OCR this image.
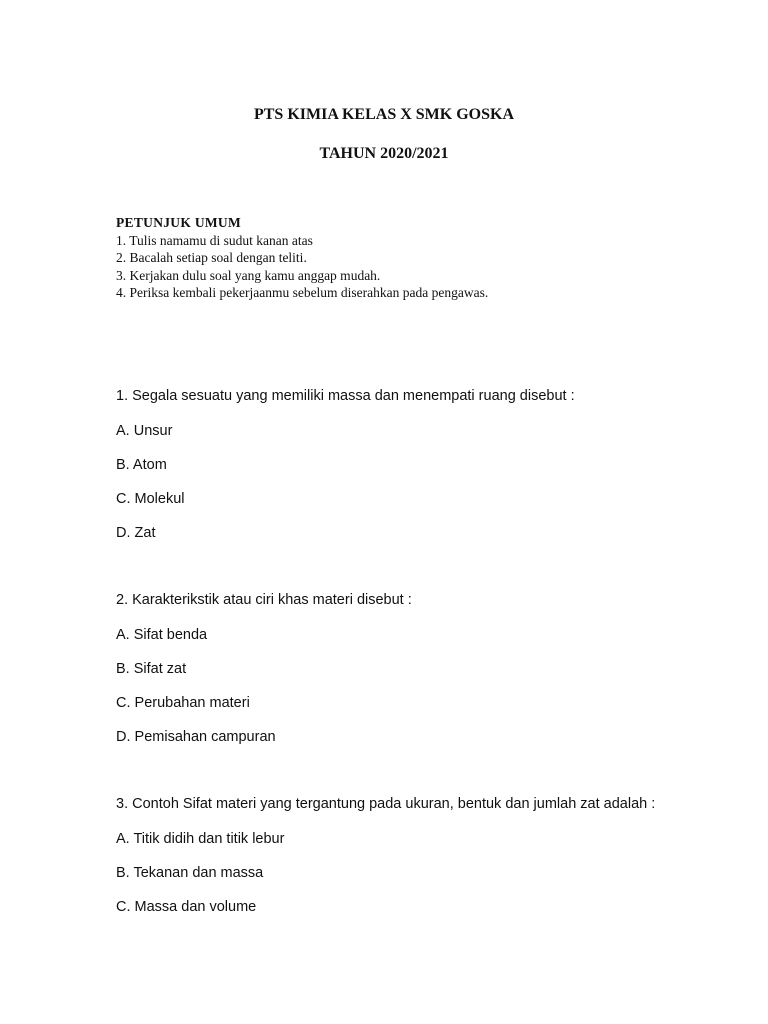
PTS KIMIA KELAS X SMK GOSKA
TAHUN 2020/2021
PETUNJUK UMUM
1. Tulis namamu di sudut kanan atas
2. Bacalah setiap soal dengan teliti.
3. Kerjakan dulu soal yang kamu anggap mudah.
4. Periksa kembali pekerjaanmu sebelum diserahkan pada pengawas.
1. Segala sesuatu yang memiliki massa dan menempati ruang disebut :
A. Unsur
B. Atom
C. Molekul
D. Zat
2. Karakterikstik atau ciri khas materi disebut :
A. Sifat benda
B. Sifat zat
C. Perubahan materi
D. Pemisahan campuran
3. Contoh Sifat materi yang tergantung pada ukuran, bentuk dan jumlah zat adalah :
A. Titik didih dan titik lebur
B. Tekanan dan massa
C. Massa dan volume
